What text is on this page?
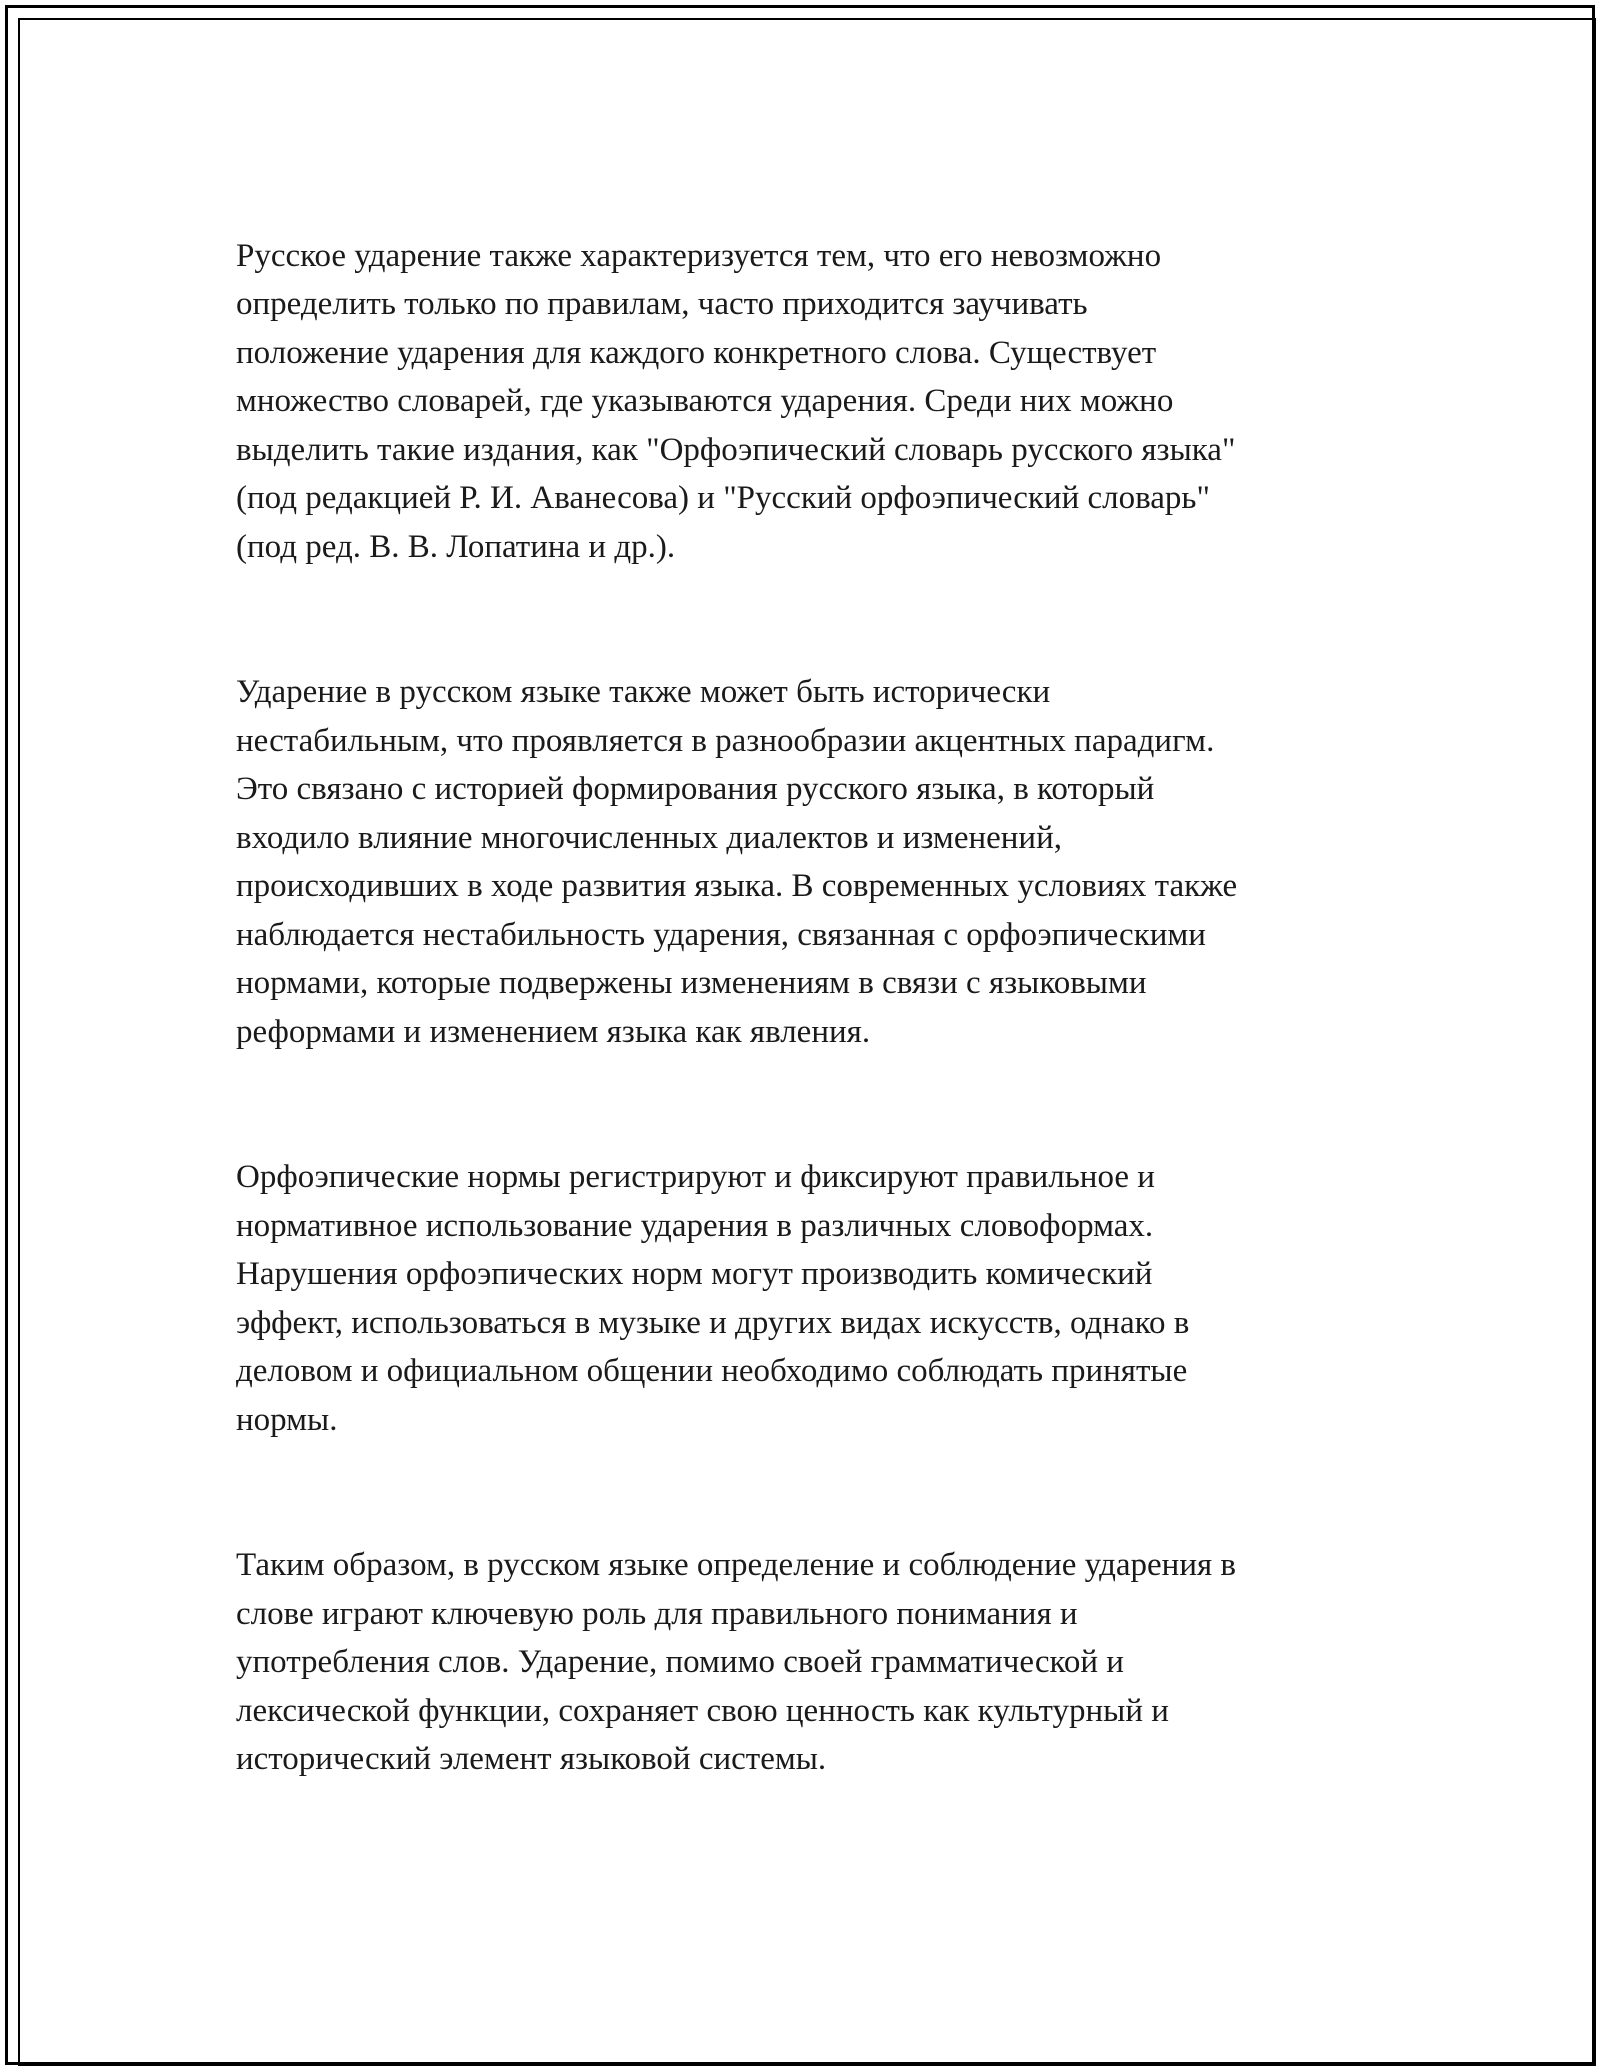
Русское ударение также характеризуется тем, что его невозможно
определить только по правилам, часто приходится заучивать
положение ударения для каждого конкретного слова. Существует
множество словарей, где указываются ударения. Среди них можно
выделить такие издания, как "Орфоэпический словарь русского языка"
(под редакцией Р. И. Аванесова) и "Русский орфоэпический словарь"
(под ред. В. В. Лопатина и др.).

Ударение в русском языке также может быть исторически
нестабильным, что проявляется в разнообразии акцентных парадигм.
Это связано с историей формирования русского языка, в который
входило влияние многочисленных диалектов и изменений,
происходивших в ходе развития языка. В современных условиях также
наблюдается нестабильность ударения, связанная с орфоэпическими
нормами, которые подвержены изменениям в связи с языковыми
реформами и изменением языка как явления.

Орфоэпические нормы регистрируют и фиксируют правильное и
нормативное использование ударения в различных словоформах.
Нарушения орфоэпических норм могут производить комический
эффект, использоваться в музыке и других видах искусств, однако в
деловом и официальном общении необходимо соблюдать принятые
нормы.

Таким образом, в русском языке определение и соблюдение ударения в
слове играют ключевую роль для правильного понимания и
употребления слов. Ударение, помимо своей грамматической и
лексической функции, сохраняет свою ценность как культурный и
исторический элемент языковой системы.
